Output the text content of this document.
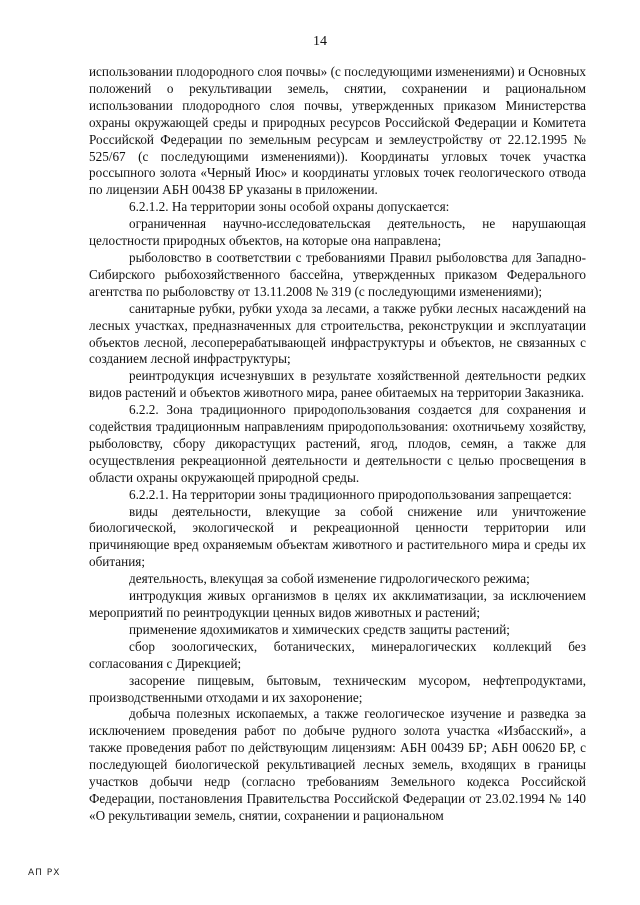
14

использовании плодородного слоя почвы» (с последующими изменениями) и Основных положений о рекультивации земель, снятии, сохранении и рациональном использовании плодородного слоя почвы, утвержденных приказом Министерства охраны окружающей среды и природных ресурсов Российской Федерации и Комитета Российской Федерации по земельным ресурсам и землеустройству от 22.12.1995 № 525/67 (с последующими изменениями)). Координаты угловых точек участка россыпного золота «Черный Июс» и координаты угловых точек геологического отвода по лицензии АБН 00438 БР указаны в приложении.

6.2.1.2. На территории зоны особой охраны допускается:

ограниченная научно-исследовательская деятельность, не нарушающая целостности природных объектов, на которые она направлена;

рыболовство в соответствии с требованиями Правил рыболовства для Западно-Сибирского рыбохозяйственного бассейна, утвержденных приказом Федерального агентства по рыболовству от 13.11.2008 № 319 (с последующими изменениями);

санитарные рубки, рубки ухода за лесами, а также рубки лесных насаждений на лесных участках, предназначенных для строительства, реконструкции и эксплуатации объектов лесной, лесоперерабатывающей инфраструктуры и объектов, не связанных с созданием лесной инфраструктуры;

реинтродукция исчезнувших в результате хозяйственной деятельности редких видов растений и объектов животного мира, ранее обитаемых на территории Заказника.

6.2.2. Зона традиционного природопользования создается для сохранения и содействия традиционным направлениям природопользования: охотничьему хозяйству, рыболовству, сбору дикорастущих растений, ягод, плодов, семян, а также для осуществления рекреационной деятельности и деятельности с целью просвещения в области охраны окружающей природной среды.

6.2.2.1. На территории зоны традиционного природопользования запрещается:

виды деятельности, влекущие за собой снижение или уничтожение биологической, экологической и рекреационной ценности территории или причиняющие вред охраняемым объектам животного и растительного мира и среды их обитания;

деятельность, влекущая за собой изменение гидрологического режима;

интродукция живых организмов в целях их акклиматизации, за исключением мероприятий по реинтродукции ценных видов животных и растений;

применение ядохимикатов и химических средств защиты растений;

сбор зоологических, ботанических, минералогических коллекций без согласования с Дирекцией;

засорение пищевым, бытовым, техническим мусором, нефтепродуктами, производственными отходами и их захоронение;

добыча полезных ископаемых, а также геологическое изучение и разведка за исключением проведения работ по добыче рудного золота участка «Избасский», а также проведения работ по действующим лицензиям: АБН 00439 БР; АБН 00620 БР, с последующей биологической рекультивацией лесных земель, входящих в границы участков добычи недр (согласно требованиям Земельного кодекса Российской Федерации, постановления Правительства Российской Федерации от 23.02.1994 № 140 «О рекультивации земель, снятии, сохранении и рациональном

АП РХ
